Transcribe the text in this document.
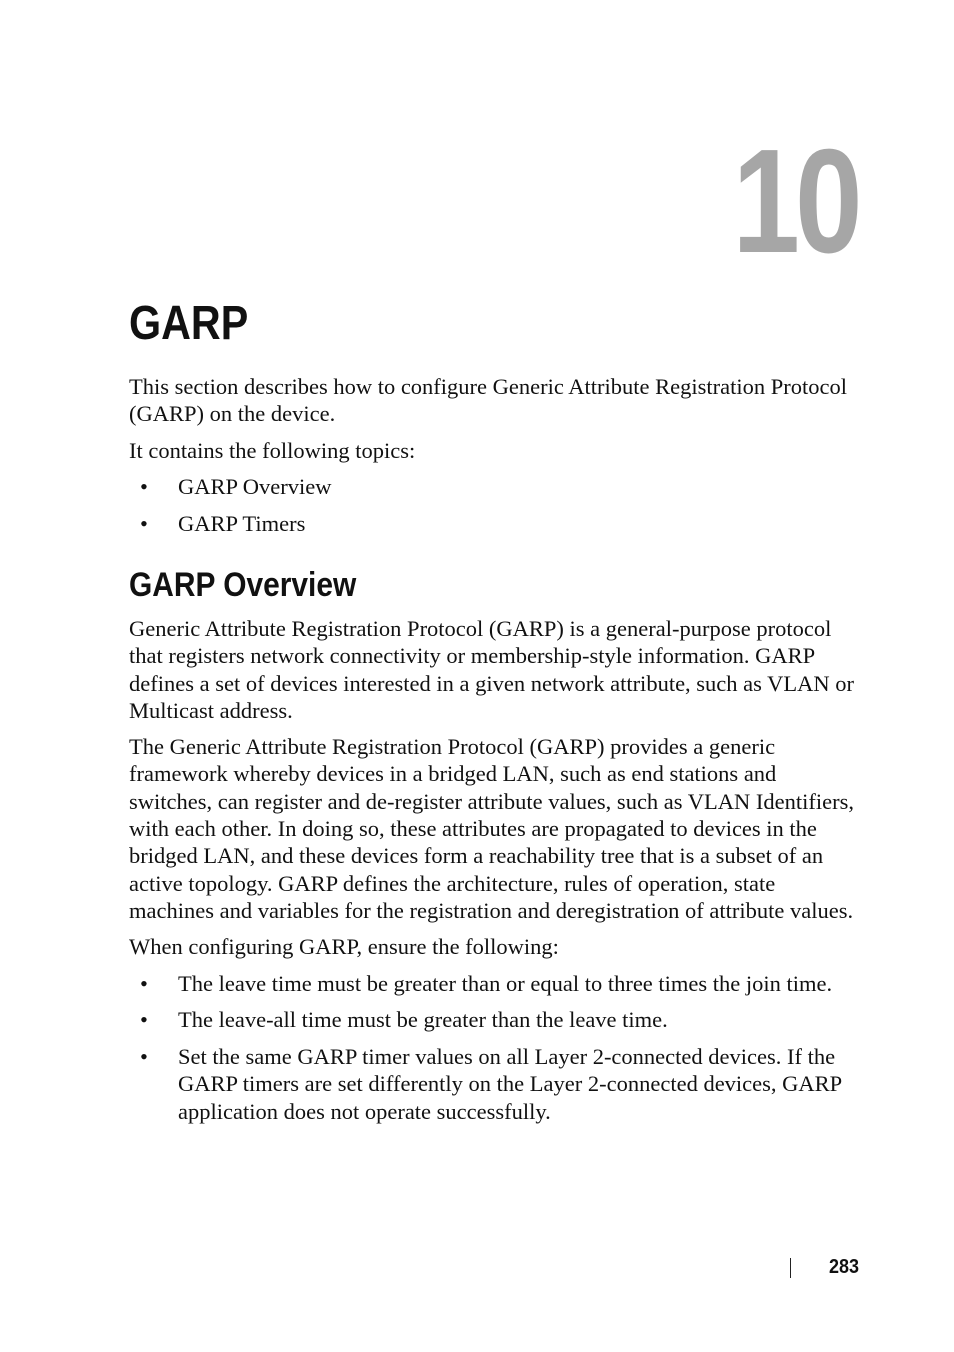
10
GARP

This section describes how to configure Generic Attribute Registration Protocol (GARP) on the device.

It contains the following topics:

• GARP Overview
• GARP Timers
GARP Overview

Generic Attribute Registration Protocol (GARP) is a general-purpose protocol that registers network connectivity or membership-style information. GARP defines a set of devices interested in a given network attribute, such as VLAN or Multicast address.

The Generic Attribute Registration Protocol (GARP) provides a generic framework whereby devices in a bridged LAN, such as end stations and switches, can register and de-register attribute values, such as VLAN Identifiers, with each other. In doing so, these attributes are propagated to devices in the bridged LAN, and these devices form a reachability tree that is a subset of an active topology. GARP defines the architecture, rules of operation, state machines and variables for the registration and deregistration of attribute values.

When configuring GARP, ensure the following:

• The leave time must be greater than or equal to three times the join time.
• The leave-all time must be greater than the leave time.
• Set the same GARP timer values on all Layer 2-connected devices. If the GARP timers are set differently on the Layer 2-connected devices, GARP application does not operate successfully.
283
